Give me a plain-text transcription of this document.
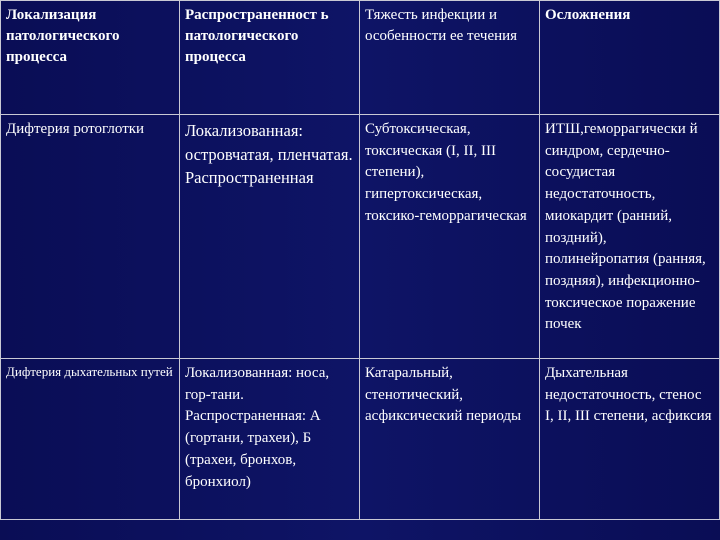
Локализация патологического процесса	Распространенност ь патологического процесса	Тяжесть инфекции и особенности ее течения	Осложнения
Дифтерия ротоглотки	Локализованная: островчатая, пленчатая. Распространенная	Субтоксическая, токсическая (I, II, III степени), гипертоксическая, токсико-геморрагическая	ИТШ,геморрагически й синдром, сердечно-сосудистая недостаточность, миокардит (ранний, поздний), полинейропатия (ранняя, поздняя), инфекционно-токсическое поражение почек
Дифтерия дыхательных путей	Локализованная: носа, гор-тани. Распространенная: А (гортани, трахеи), Б (трахеи, бронхов, бронхиол)	Катаральный, стенотический, асфиксический периоды	Дыхательная недостаточность, стенос I, II, III степени, асфиксия
